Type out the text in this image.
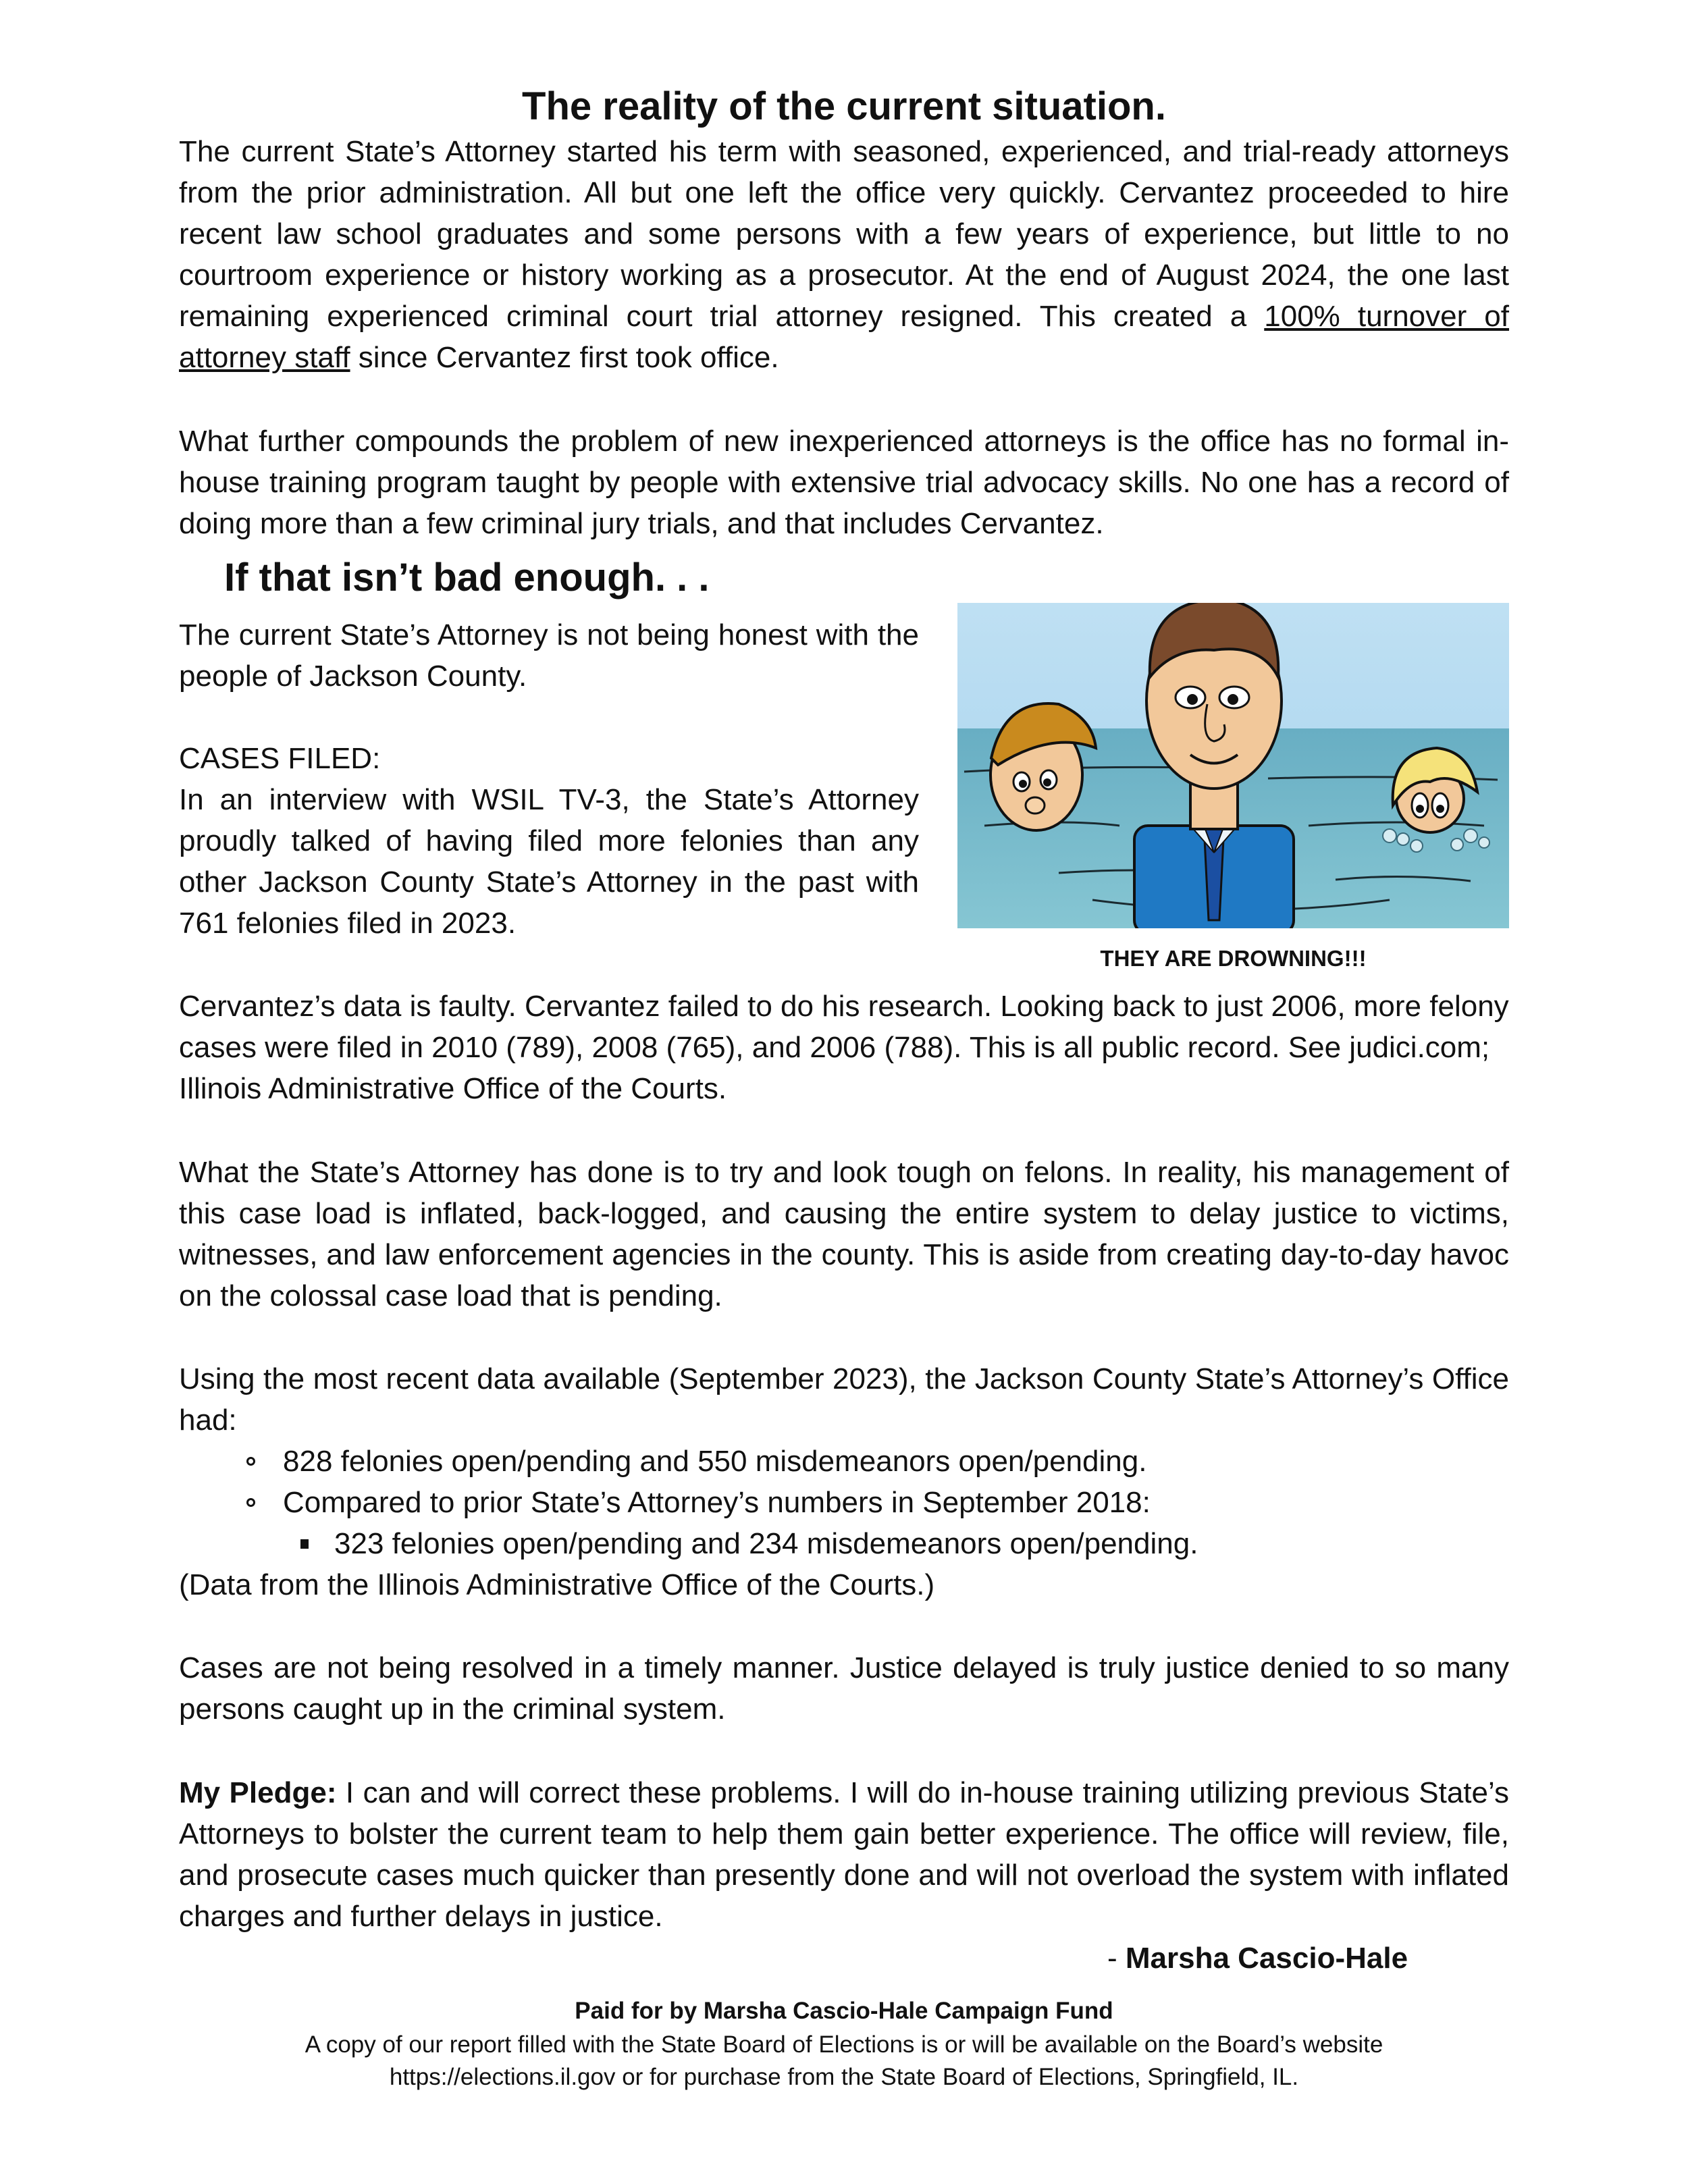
The reality of the current situation.

The current State’s Attorney started his term with seasoned, experienced, and trial-ready attorneys from the prior administration. All but one left the office very quickly. Cervantez proceeded to hire recent law school graduates and some persons with a few years of experience, but little to no courtroom experience or history working as a prosecutor. At the end of August 2024, the one last remaining experienced criminal court trial attorney resigned. This created a 100% turnover of attorney staff since Cervantez first took office.

What further compounds the problem of new inexperienced attorneys is the office has no formal in-house training program taught by people with extensive trial advocacy skills. No one has a record of doing more than a few criminal jury trials, and that includes Cervantez.

If that isn’t bad enough. . .

The current State’s Attorney is not being honest with the people of Jackson County.

CASES FILED:

In an interview with WSIL TV-3, the State’s Attorney proudly talked of having filed more felonies than any other Jackson County State’s Attorney in the past with 761 felonies filed in 2023.

THEY ARE DROWNING!!!

Cervantez’s data is faulty. Cervantez failed to do his research. Looking back to just 2006, more felony cases were filed in 2010 (789), 2008 (765), and 2006 (788). This is all public record. See judici.com; Illinois Administrative Office of the Courts.

What the State’s Attorney has done is to try and look tough on felons. In reality, his management of this case load is inflated, back-logged, and causing the entire system to delay justice to victims, witnesses, and law enforcement agencies in the county. This is aside from creating day-to-day havoc on the colossal case load that is pending.

Using the most recent data available (September 2023), the Jackson County State’s Attorney’s Office had:

828 felonies open/pending and 550 misdemeanors open/pending.
Compared to prior State’s Attorney’s numbers in September 2018:
323 felonies open/pending and 234 misdemeanors open/pending.
(Data from the Illinois Administrative Office of the Courts.)

Cases are not being resolved in a timely manner. Justice delayed is truly justice denied to so many persons caught up in the criminal system.

My Pledge: I can and will correct these problems. I will do in-house training utilizing previous State’s Attorneys to bolster the current team to help them gain better experience. The office will review, file, and prosecute cases much quicker than presently done and will not overload the system with inflated charges and further delays in justice.

- Marsha Cascio-Hale
Paid for by Marsha Cascio-Hale Campaign Fund
A copy of our report filled with the State Board of Elections is or will be available on the Board’s website
https://elections.il.gov or for purchase from the State Board of Elections, Springfield, IL.
